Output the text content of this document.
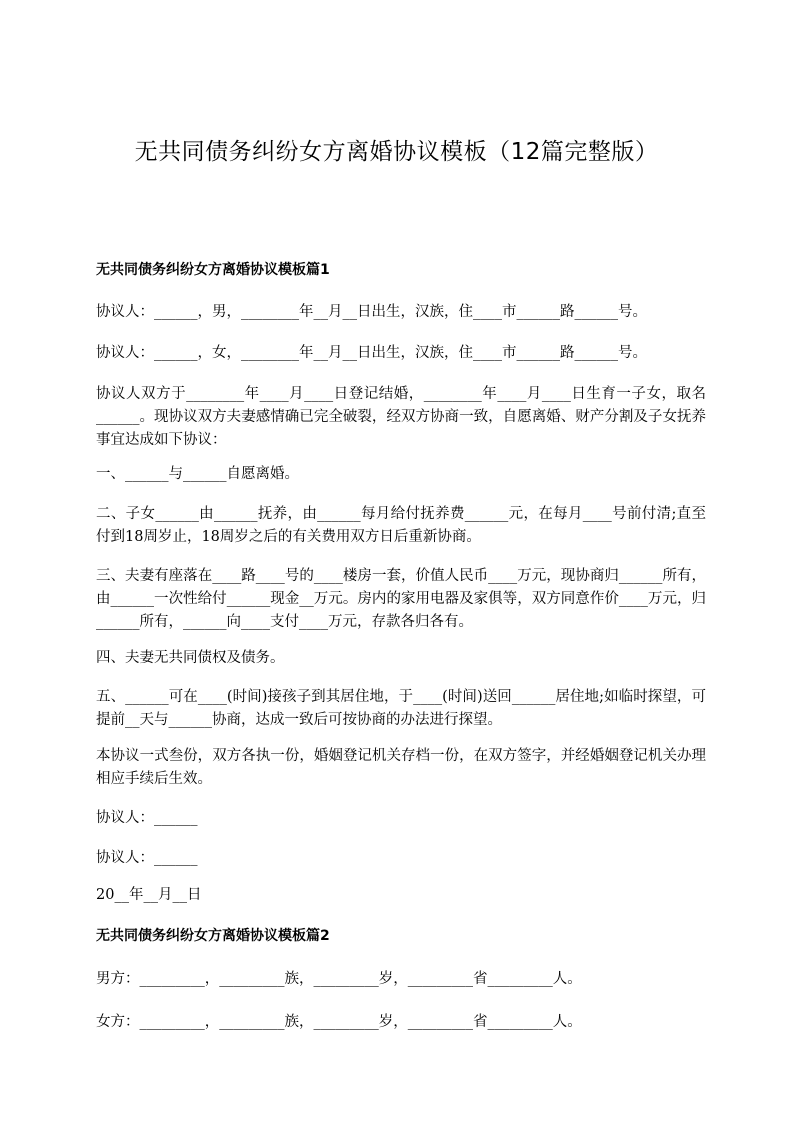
无共同债务纠纷女方离婚协议模板（12篇完整版）
无共同债务纠纷女方离婚协议模板篇1

协议人：______，男，________年__月__日出生，汉族，住____市______路______号。

协议人：______，女，________年__月__日出生，汉族，住____市______路______号。

协议人双方于________年____月____日登记结婚，________年____月____日生育一子女，取名______。现协议双方夫妻感情确已完全破裂，经双方协商一致，自愿离婚、财产分割及子女抚养事宜达成如下协议：

一、______与______自愿离婚。

二、子女______由______抚养，由______每月给付抚养费______元，在每月____号前付清;直至付到18周岁止，18周岁之后的有关费用双方日后重新协商。

三、夫妻有座落在____路____号的____楼房一套，价值人民币____万元，现协商归______所有，由______一次性给付______现金__万元。房内的家用电器及家俱等，双方同意作价____万元，归______所有，______向____支付____万元，存款各归各有。

四、夫妻无共同债权及债务。

五、______可在____(时间)接孩子到其居住地，于____(时间)送回______居住地;如临时探望，可提前__天与______协商，达成一致后可按协商的办法进行探望。

本协议一式叁份，双方各执一份，婚姻登记机关存档一份，在双方签字，并经婚姻登记机关办理相应手续后生效。

协议人：______

协议人：______

20__年__月__日

无共同债务纠纷女方离婚协议模板篇2

男方：_________，_________族，_________岁，_________省_________人。

女方：_________，_________族，_________岁，_________省_________人。
